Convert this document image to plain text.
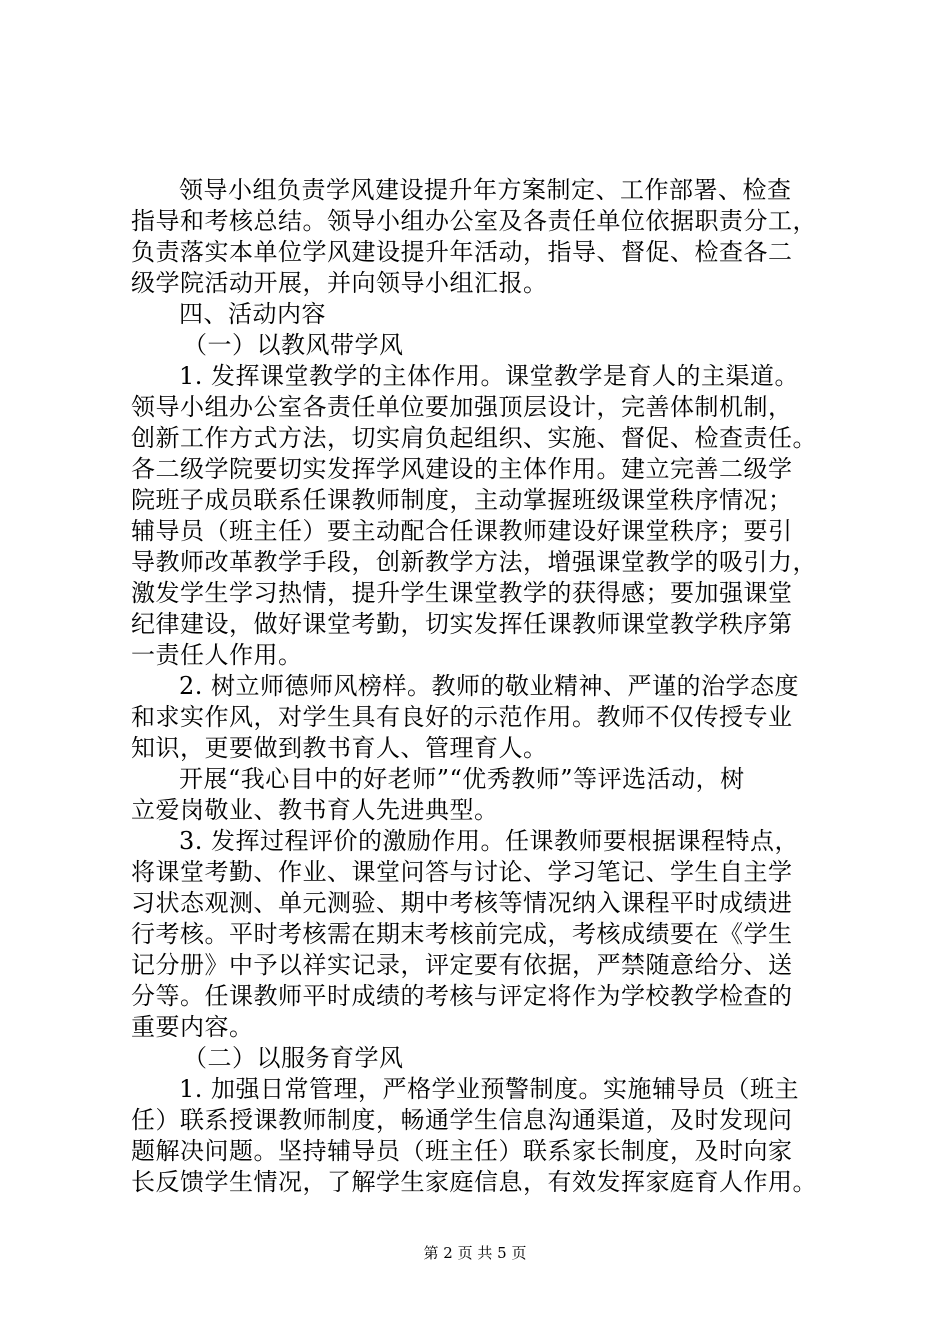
领导小组负责学风建设提升年方案制定、工作部署、检查
指导和考核总结。领导小组办公室及各责任单位依据职责分工，
负责落实本单位学风建设提升年活动，指导、督促、检查各二
级学院活动开展，并向领导小组汇报。
四、活动内容
（一）以教风带学风
1. 发挥课堂教学的主体作用。课堂教学是育人的主渠道。
领导小组办公室各责任单位要加强顶层设计，完善体制机制，
创新工作方式方法，切实肩负起组织、实施、督促、检查责任。
各二级学院要切实发挥学风建设的主体作用。建立完善二级学
院班子成员联系任课教师制度，主动掌握班级课堂秩序情况；
辅导员（班主任）要主动配合任课教师建设好课堂秩序；要引
导教师改革教学手段，创新教学方法，增强课堂教学的吸引力，
激发学生学习热情，提升学生课堂教学的获得感；要加强课堂
纪律建设，做好课堂考勤，切实发挥任课教师课堂教学秩序第
一责任人作用。
2. 树立师德师风榜样。教师的敬业精神、严谨的治学态度
和求实作风，对学生具有良好的示范作用。教师不仅传授专业
知识，更要做到教书育人、管理育人。
开展“我心目中的好老师”“优秀教师”等评选活动，树
立爱岗敬业、教书育人先进典型。
3. 发挥过程评价的激励作用。任课教师要根据课程特点，
将课堂考勤、作业、课堂问答与讨论、学习笔记、学生自主学
习状态观测、单元测验、期中考核等情况纳入课程平时成绩进
行考核。平时考核需在期末考核前完成，考核成绩要在《学生
记分册》中予以祥实记录，评定要有依据，严禁随意给分、送
分等。任课教师平时成绩的考核与评定将作为学校教学检查的
重要内容。
（二）以服务育学风
1. 加强日常管理，严格学业预警制度。实施辅导员（班主
任）联系授课教师制度，畅通学生信息沟通渠道，及时发现问
题解决问题。坚持辅导员（班主任）联系家长制度，及时向家
长反馈学生情况，了解学生家庭信息，有效发挥家庭育人作用。
第 2 页 共 5 页
